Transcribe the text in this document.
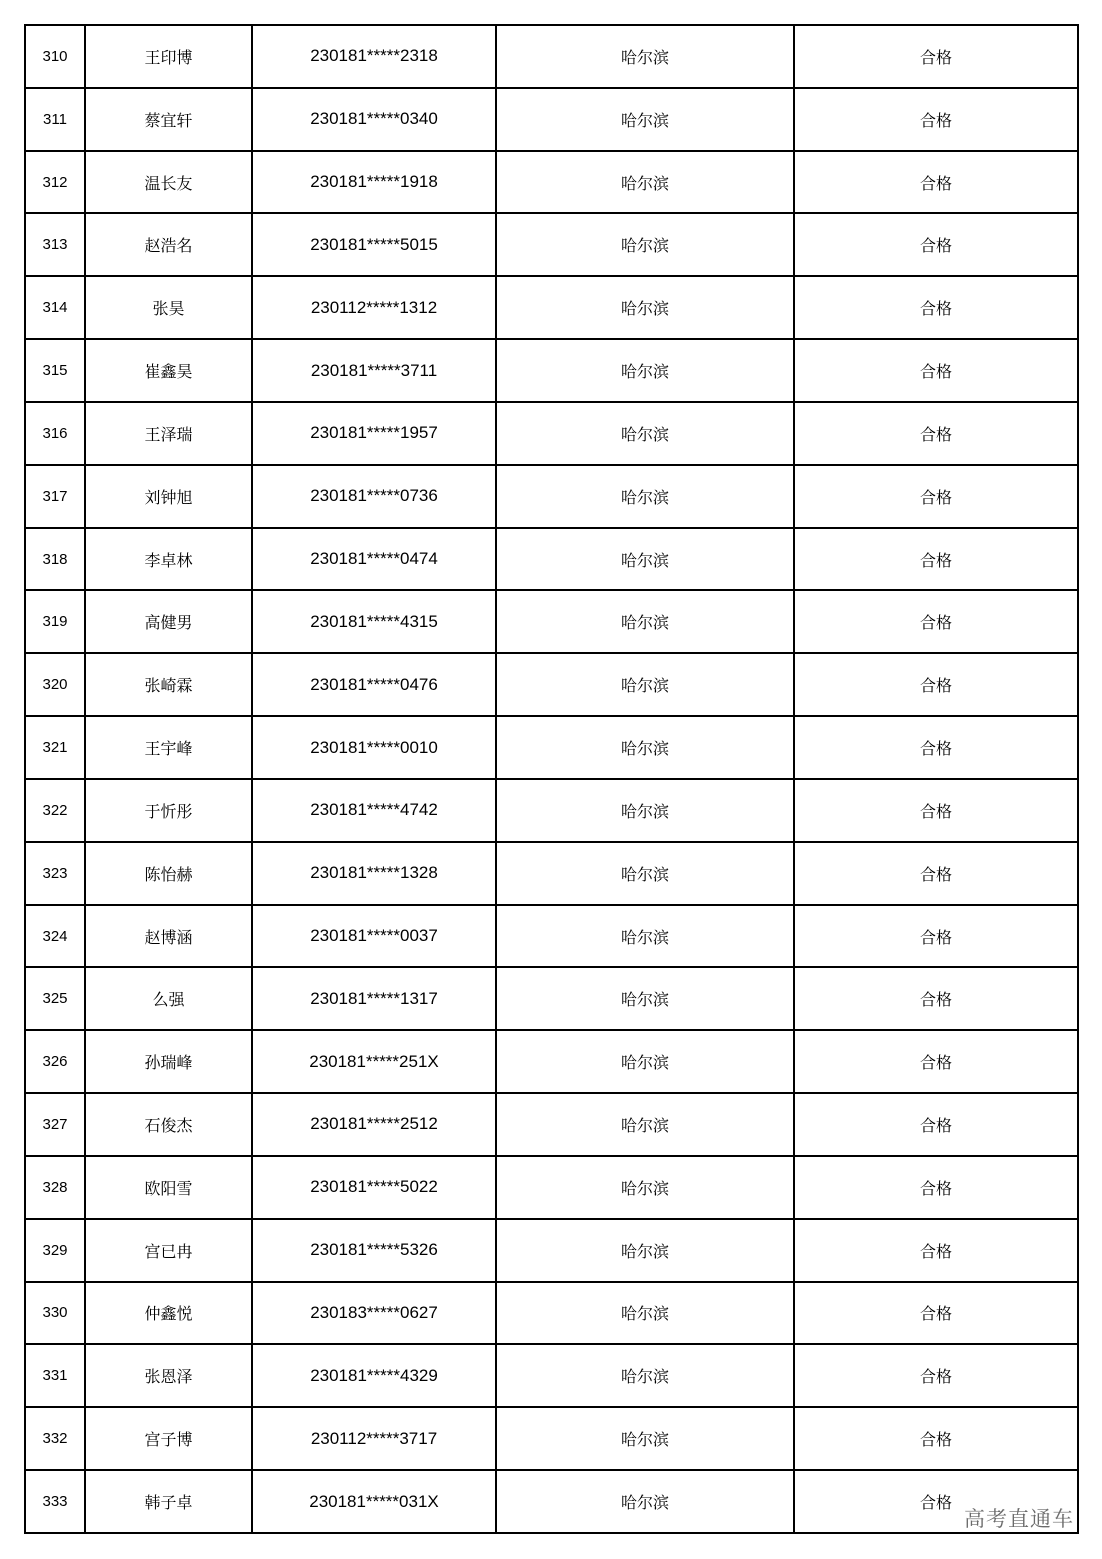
310	王印博	230181*****2318	哈尔滨	合格
311	蔡宜轩	230181*****0340	哈尔滨	合格
312	温长友	230181*****1918	哈尔滨	合格
313	赵浩名	230181*****5015	哈尔滨	合格
314	张昊	230112*****1312	哈尔滨	合格
315	崔鑫昊	230181*****3711	哈尔滨	合格
316	王泽瑞	230181*****1957	哈尔滨	合格
317	刘钟旭	230181*****0736	哈尔滨	合格
318	李卓林	230181*****0474	哈尔滨	合格
319	高健男	230181*****4315	哈尔滨	合格
320	张崎霖	230181*****0476	哈尔滨	合格
321	王宇峰	230181*****0010	哈尔滨	合格
322	于忻彤	230181*****4742	哈尔滨	合格
323	陈怡赫	230181*****1328	哈尔滨	合格
324	赵博涵	230181*****0037	哈尔滨	合格
325	么强	230181*****1317	哈尔滨	合格
326	孙瑞峰	230181*****251X	哈尔滨	合格
327	石俊杰	230181*****2512	哈尔滨	合格
328	欧阳雪	230181*****5022	哈尔滨	合格
329	宫已冉	230181*****5326	哈尔滨	合格
330	仲鑫悦	230183*****0627	哈尔滨	合格
331	张恩泽	230181*****4329	哈尔滨	合格
332	宫子博	230112*****3717	哈尔滨	合格
333	韩子卓	230181*****031X	哈尔滨	合格
高考直通车
